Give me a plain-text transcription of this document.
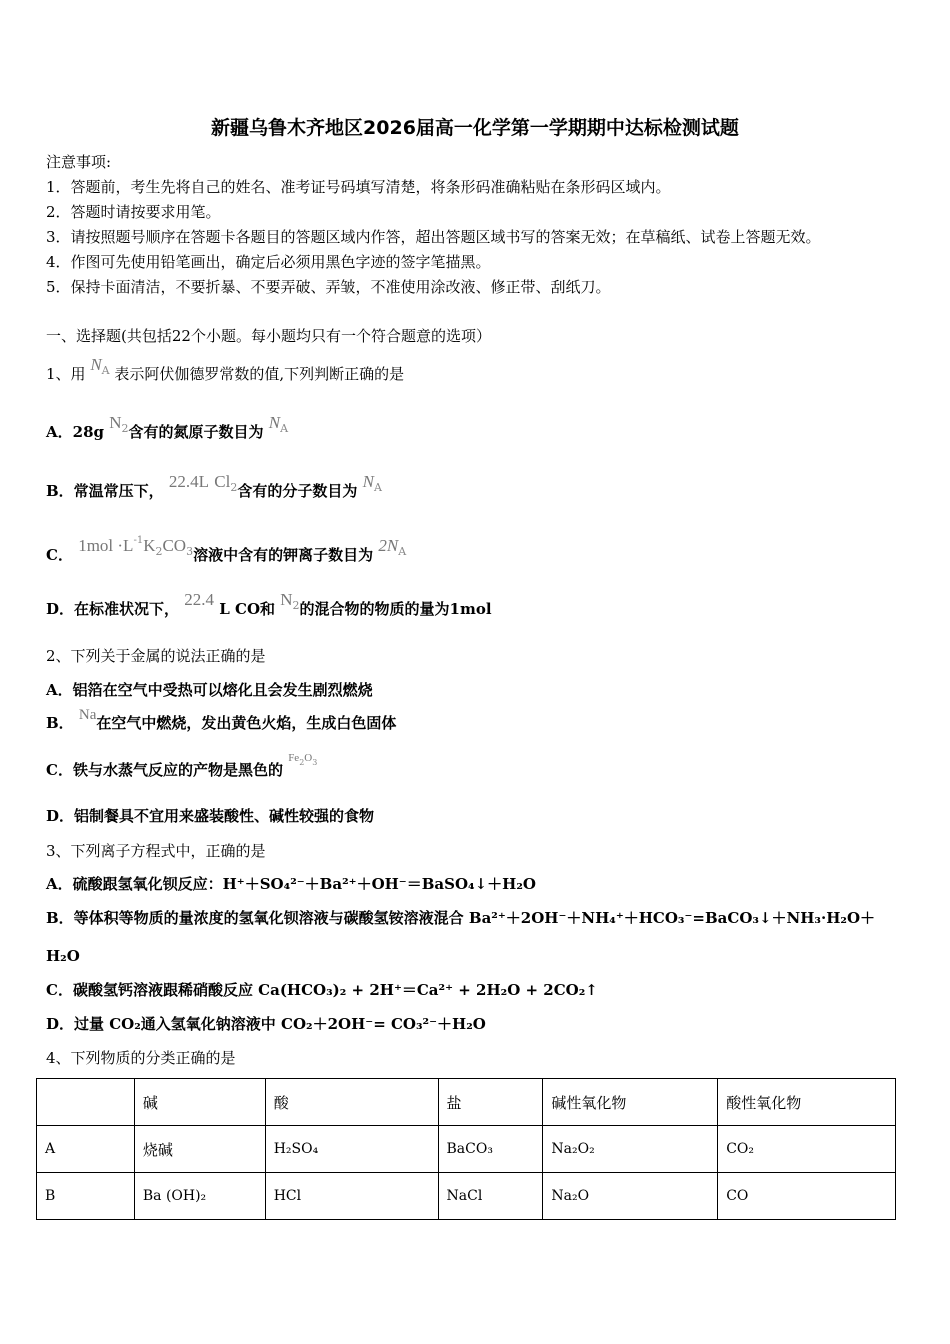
新疆乌鲁木齐地区2026届高一化学第一学期期中达标检测试题
注意事项:
1．答题前，考生先将自己的姓名、准考证号码填写清楚，将条形码准确粘贴在条形码区域内。
2．答题时请按要求用笔。
3．请按照题号顺序在答题卡各题目的答题区域内作答，超出答题区域书写的答案无效；在草稿纸、试卷上答题无效。
4．作图可先使用铅笔画出，确定后必须用黑色字迹的签字笔描黑。
5．保持卡面清洁，不要折暴、不要弄破、弄皱，不准使用涂改液、修正带、刮纸刀。
一、选择题(共包括22个小题。每小题均只有一个符合题意的选项）
1、用 $N_A$ 表示阿伏伽德罗常数的值,下列判断正确的是
A．28g $N_2$含有的氮原子数目为 $N_A$
B．常温常压下， 22.4L $Cl_2$含有的分子数目为 $N_A$
C． $1mol \cdot L^{-1}K_2CO_3$溶液中含有的钾离子数目为 $2N_A$
D．在标准状况下， 22.4 L CO和 $N_2$的混合物的物质的量为1mol
2、下列关于金属的说法正确的是
A．铝箔在空气中受热可以熔化且会发生剧烈燃烧
B． Na在空气中燃烧，发出黄色火焰，生成白色固体
C．铁与水蒸气反应的产物是黑色的 $Fe_2O_3$
D．铝制餐具不宜用来盛装酸性、碱性较强的食物
3、下列离子方程式中，正确的是
A．硫酸跟氢氧化钡反应：H⁺＋SO₄²⁻＋Ba²⁺＋OH⁻＝BaSO₄↓＋H₂O
B．等体积等物质的量浓度的氢氧化钡溶液与碳酸氢铵溶液混合 Ba²⁺＋2OH⁻＋NH₄⁺＋HCO₃⁻=BaCO₃↓＋NH₃·H₂O＋
H₂O
C．碳酸氢钙溶液跟稀硝酸反应 Ca(HCO₃)₂ + 2H⁺＝Ca²⁺ + 2H₂O + 2CO₂↑
D．过量 CO₂通入氢氧化钠溶液中 CO₂＋2OH⁻= CO₃²⁻＋H₂O
4、下列物质的分类正确的是
	碱	酸	盐	碱性氧化物	酸性氧化物
A	烧碱	H₂SO₄	BaCO₃	Na₂O₂	CO₂
B	Ba (OH)₂	HCl	NaCl	Na₂O	CO
